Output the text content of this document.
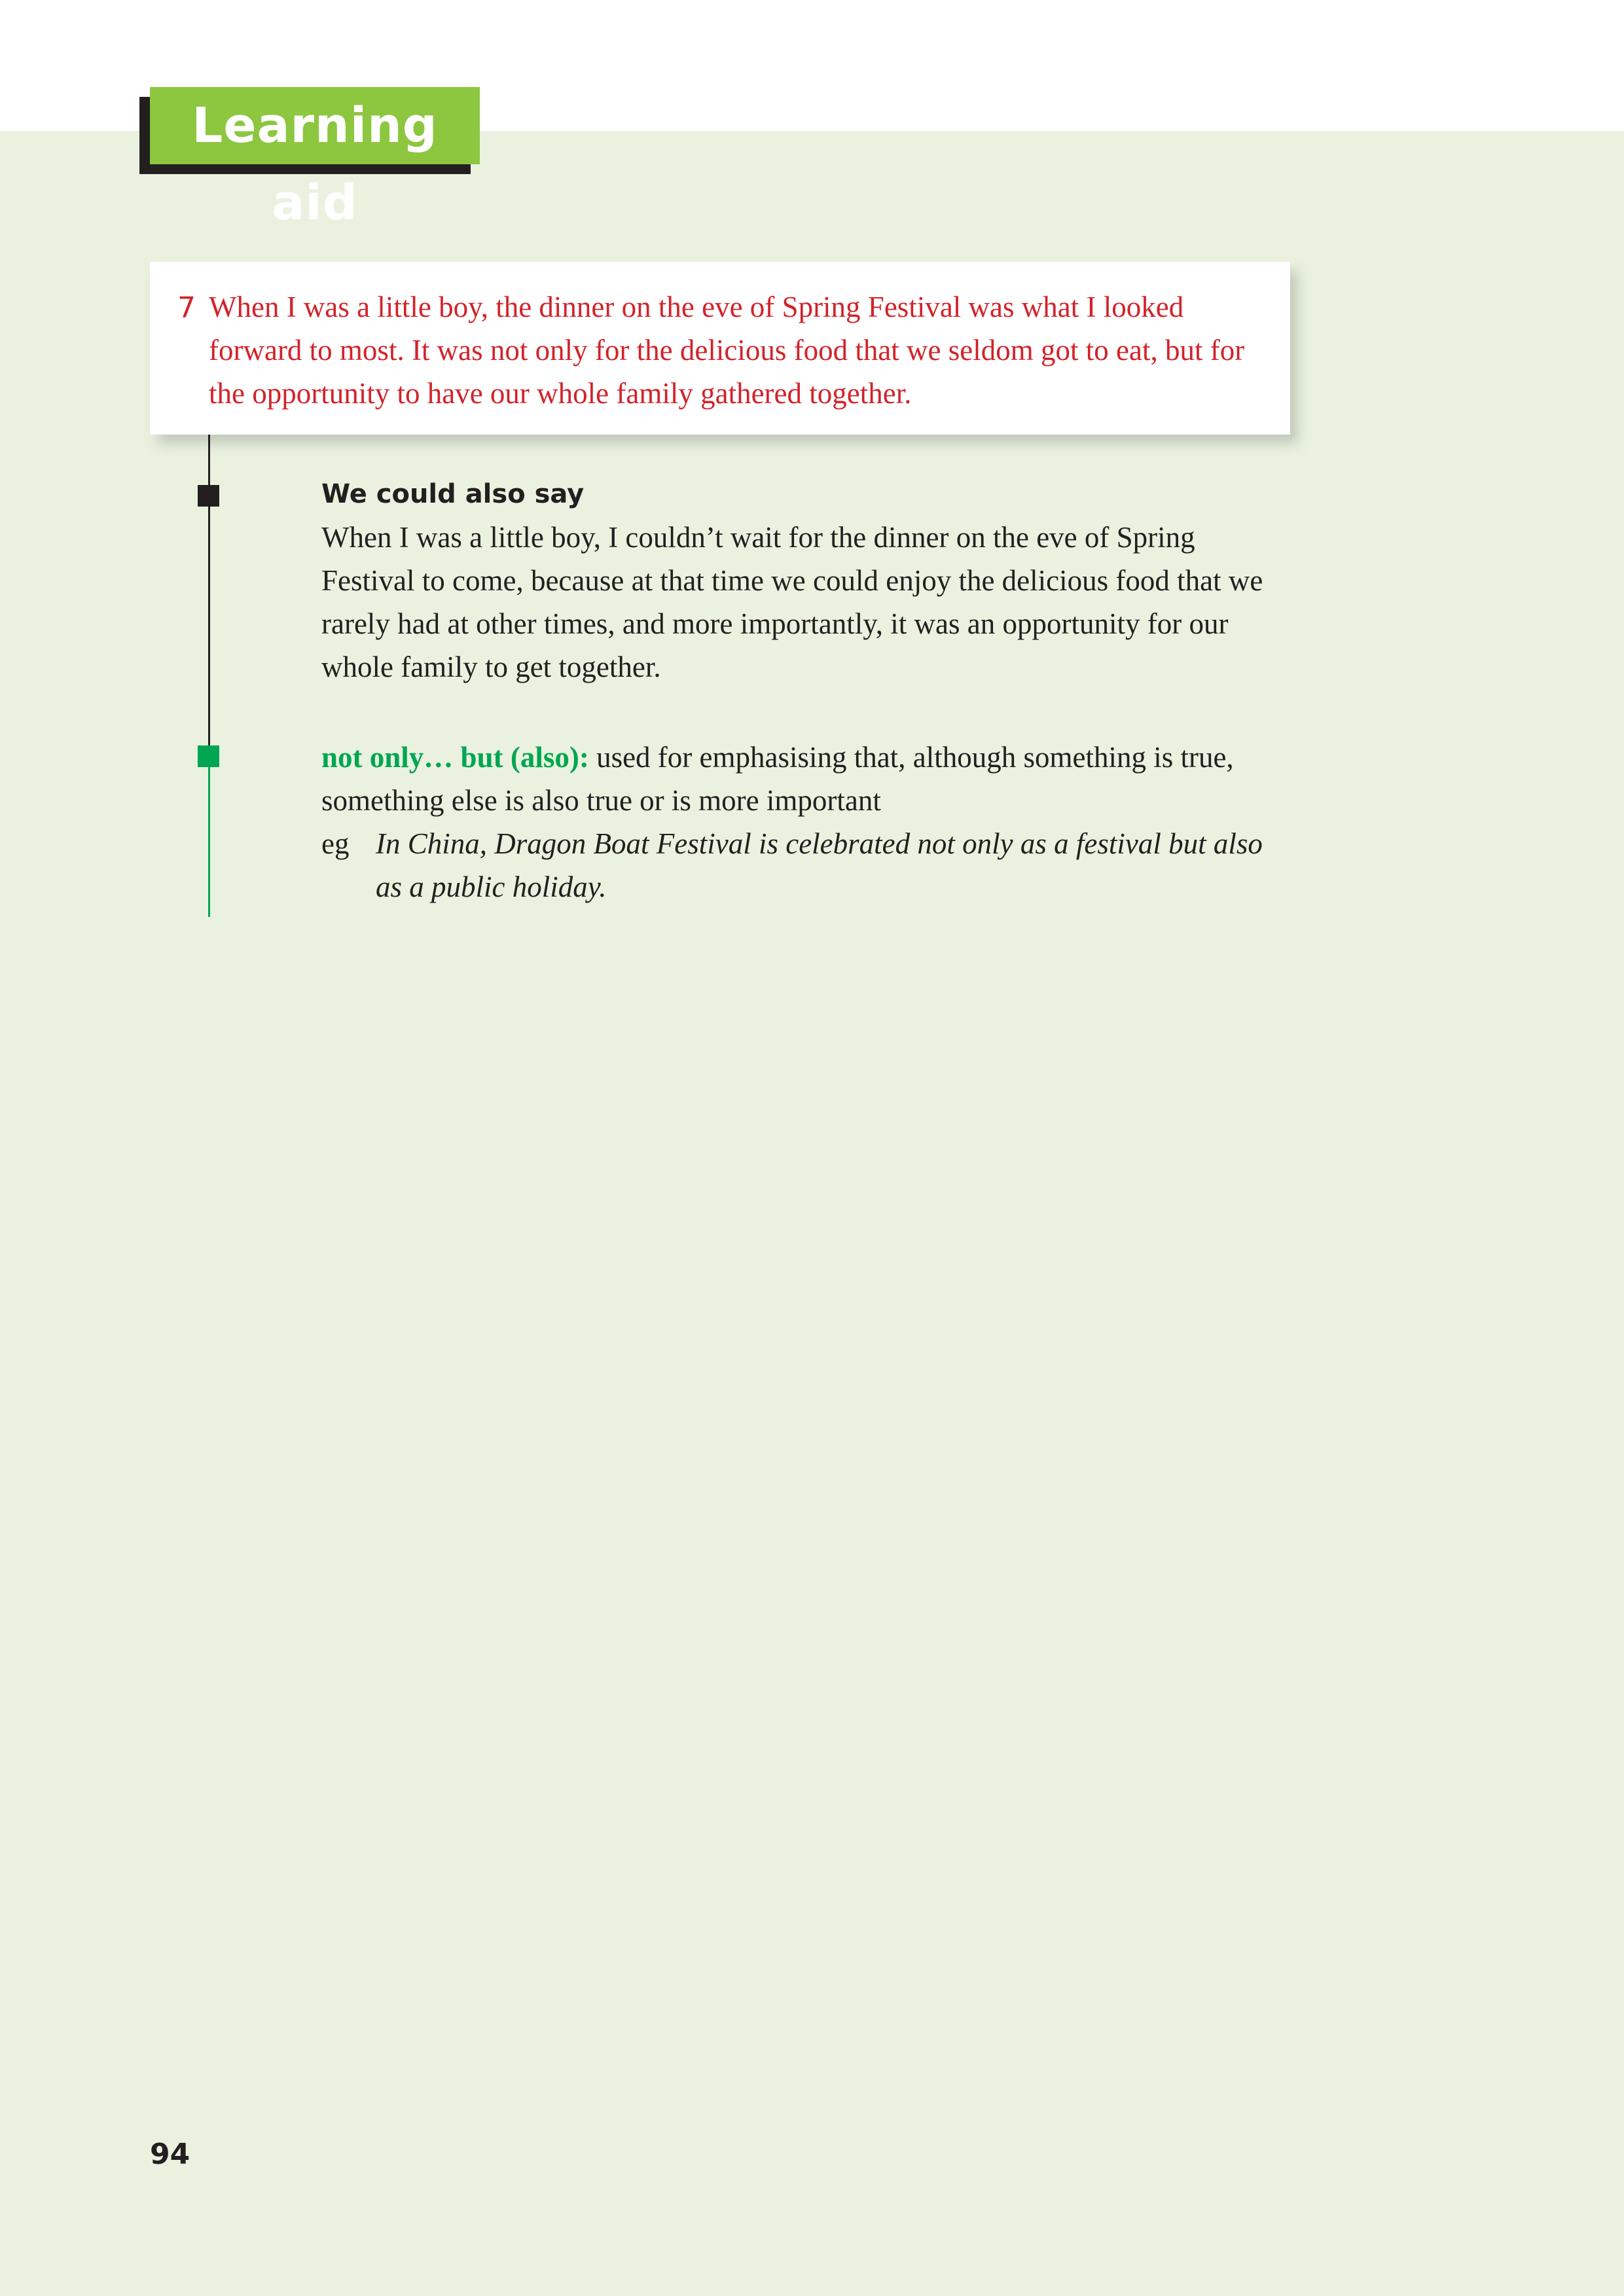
Learning aid
7 When I was a little boy, the dinner on the eve of Spring Festival was what I looked forward to most. It was not only for the delicious food that we seldom got to eat, but for the opportunity to have our whole family gathered together.
We could also say
When I was a little boy, I couldn’t wait for the dinner on the eve of Spring Festival to come, because at that time we could enjoy the delicious food that we rarely had at other times, and more importantly, it was an opportunity for our whole family to get together.
not only… but (also): used for emphasising that, although something is true, something else is also true or is more important
eg In China, Dragon Boat Festival is celebrated not only as a festival but also as a public holiday.
94
